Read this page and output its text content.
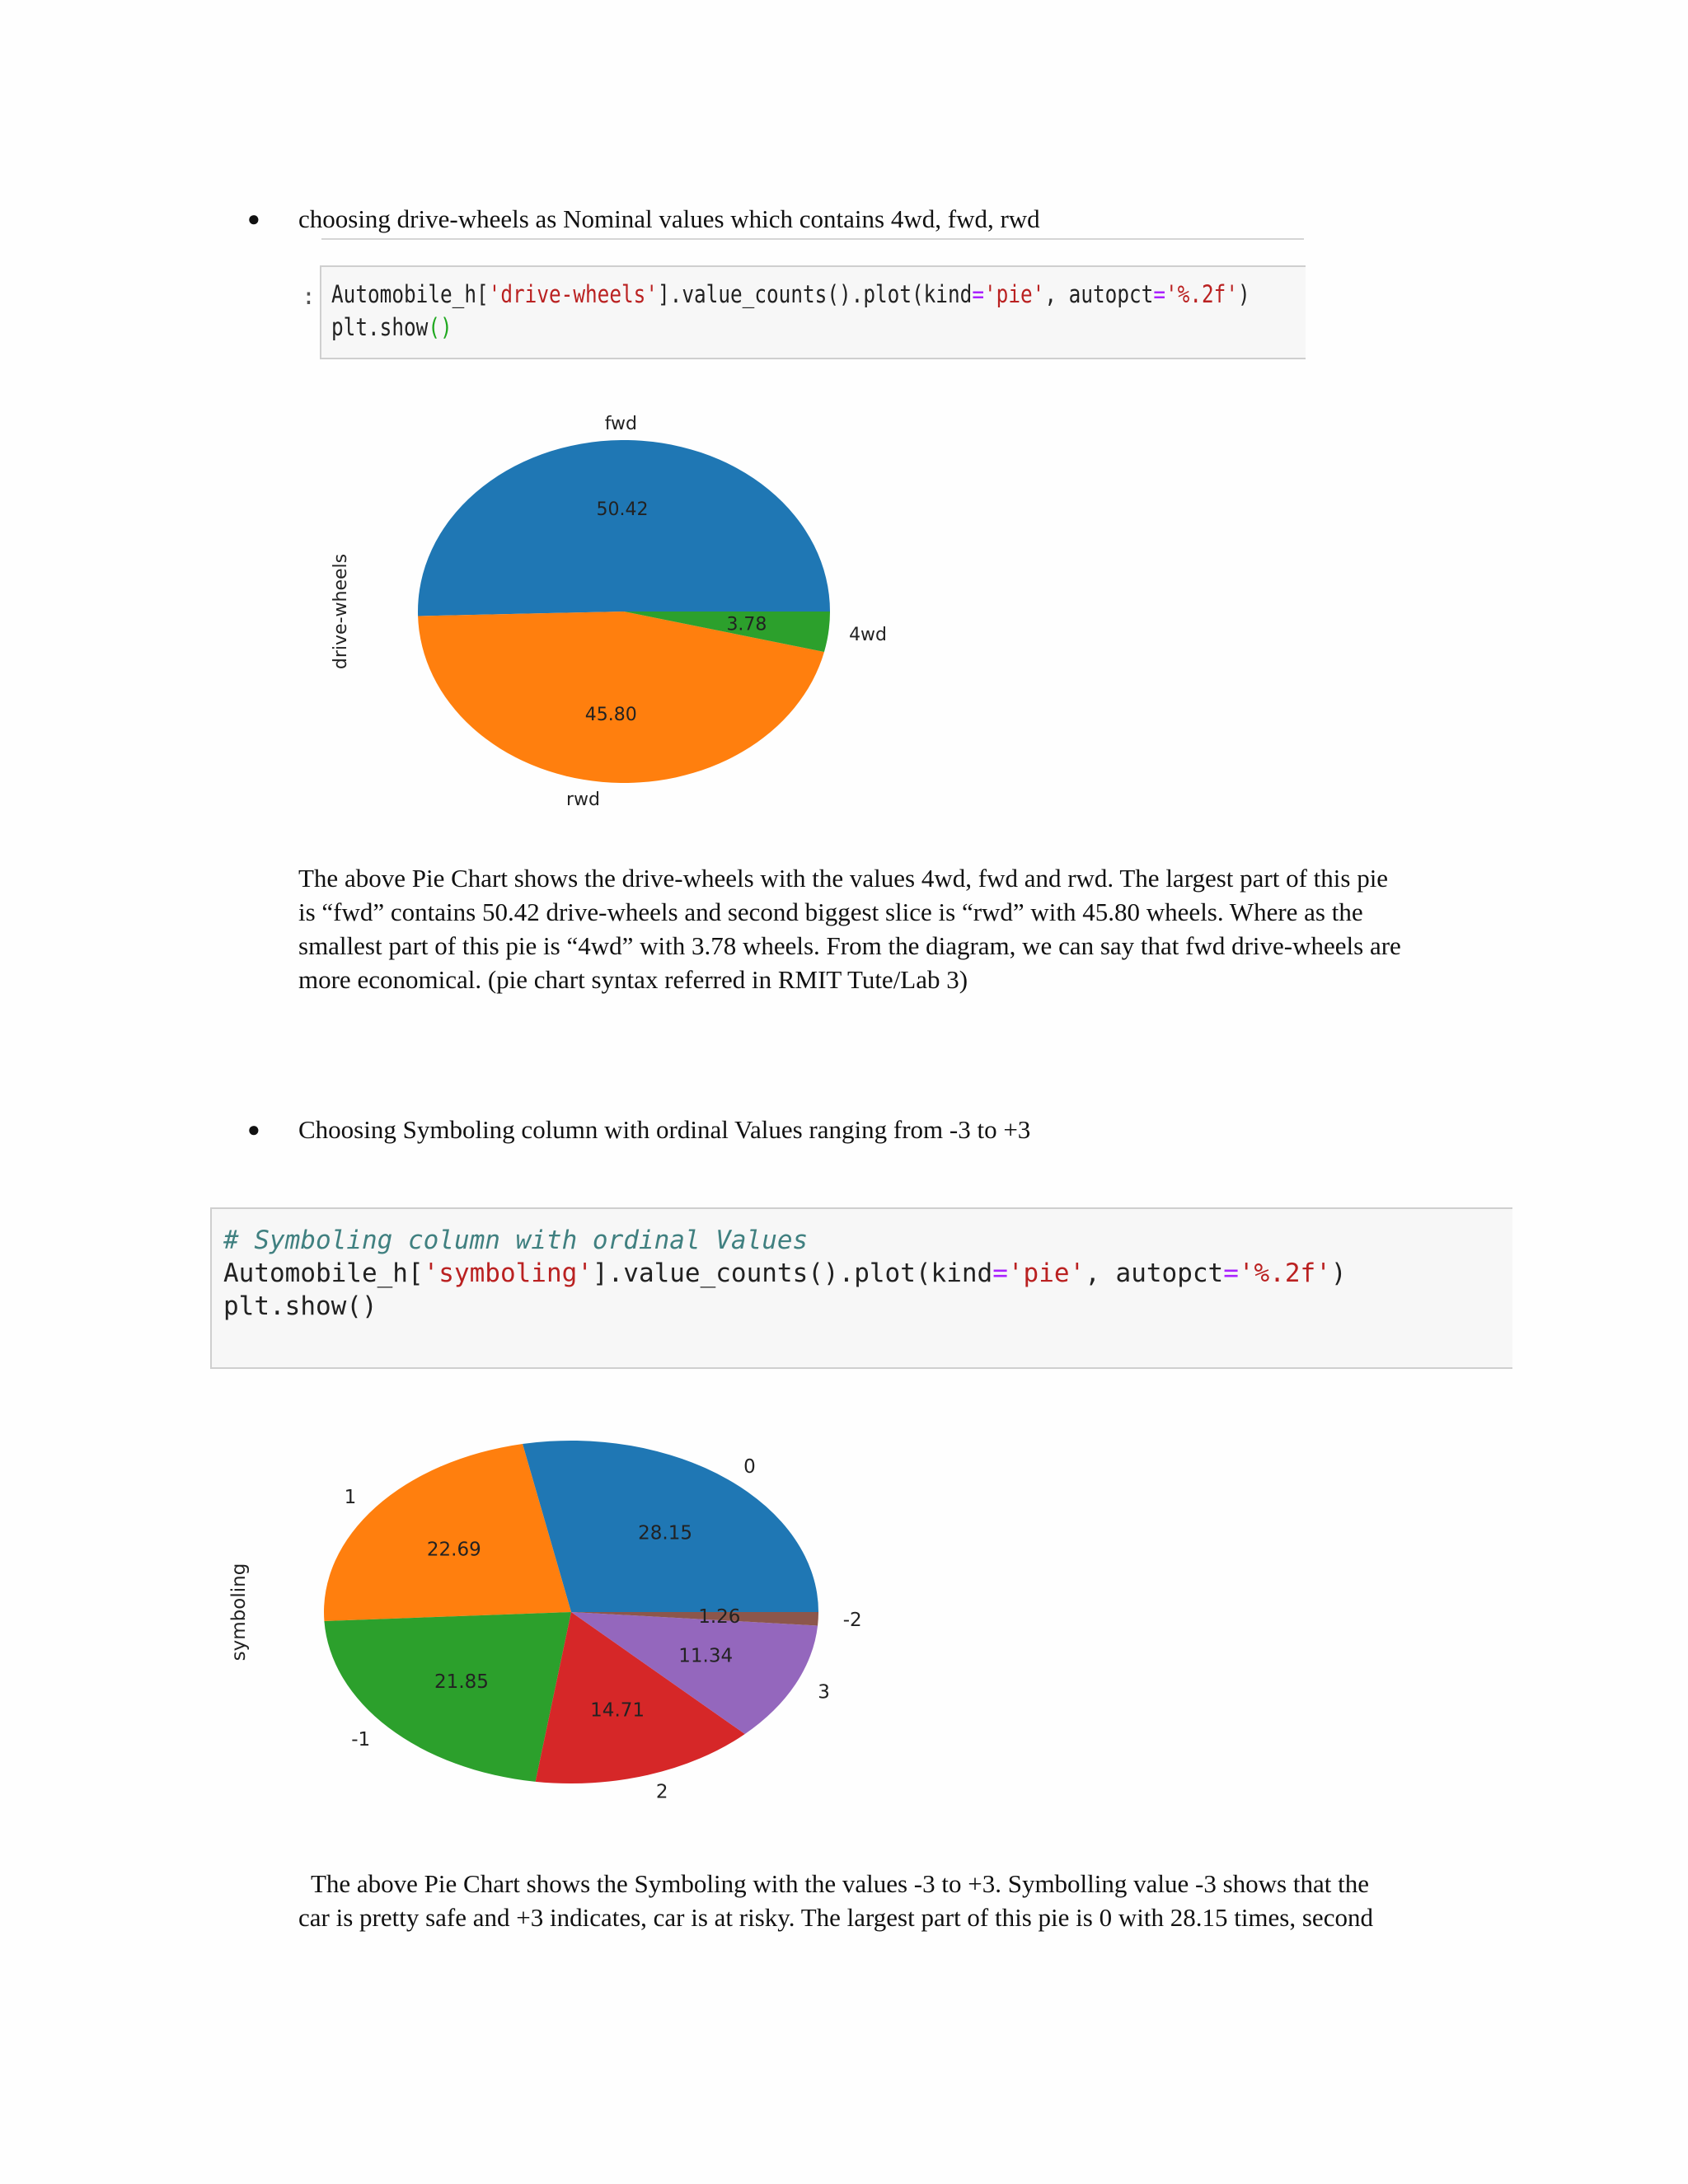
● choosing drive-wheels as Nominal values which contains 4wd, fwd, rwd
: Automobile_h['drive-wheels'].value_counts().plot(kind='pie', autopct='%.2f')
plt.show()
fwd
50.42
rwd
45.80
4wd
3.78
drive-wheels

The above Pie Chart shows the drive-wheels with the values 4wd, fwd and rwd. The largest part of this pie

is “fwd” contains 50.42 drive-wheels and second biggest slice is “rwd” with 45.80 wheels. Where as the

smallest part of this pie is “4wd” with 3.78 wheels. From the diagram, we can say that fwd drive-wheels are

more economical. (pie chart syntax referred in RMIT Tute/Lab 3)

● Choosing Symboling column with ordinal Values ranging from -3 to +3
# Symboling column with ordinal Values
Automobile_h['symboling'].value_counts().plot(kind='pie', autopct='%.2f')
plt.show()
0
28.15
1
22.69
-1
21.85
2
14.71
3
11.34
-2
1.26
symboling

The above Pie Chart shows the Symboling with the values -3 to +3. Symbolling value -3 shows that the

car is pretty safe and +3 indicates, car is at risky. The largest part of this pie is 0 with 28.15 times, second
